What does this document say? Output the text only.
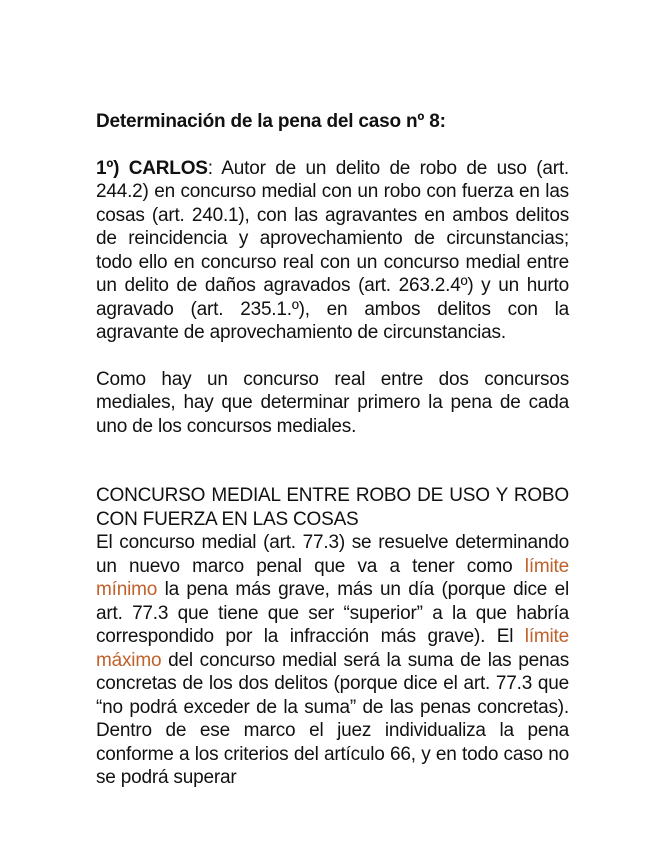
Determinación de la pena del caso nº 8:

1º) CARLOS: Autor de un delito de robo de uso (art. 244.2) en concurso medial con un robo con fuerza en las cosas (art. 240.1), con las agravantes en ambos delitos de reincidencia y aprovechamiento de circunstancias; todo ello en concurso real con un concurso medial entre un delito de daños agravados (art. 263.2.4º) y un hurto agravado (art. 235.1.º), en ambos delitos con la agravante de aprovechamiento de circunstancias.

Como hay un concurso real entre dos concursos mediales, hay que determinar primero la pena de cada uno de los concursos mediales.

CONCURSO MEDIAL ENTRE ROBO DE USO Y ROBO CON FUERZA EN LAS COSAS

El concurso medial (art. 77.3) se resuelve determinando un nuevo marco penal que va a tener como límite mínimo la pena más grave, más un día (porque dice el art. 77.3 que tiene que ser “superior” a la que habría correspondido por la infracción más grave). El límite máximo del concurso medial será la suma de las penas concretas de los dos delitos (porque dice el art. 77.3 que “no podrá exceder de la suma” de las penas concretas). Dentro de ese marco el juez individualiza la pena conforme a los criterios del artículo 66, y en todo caso no se podrá superar
